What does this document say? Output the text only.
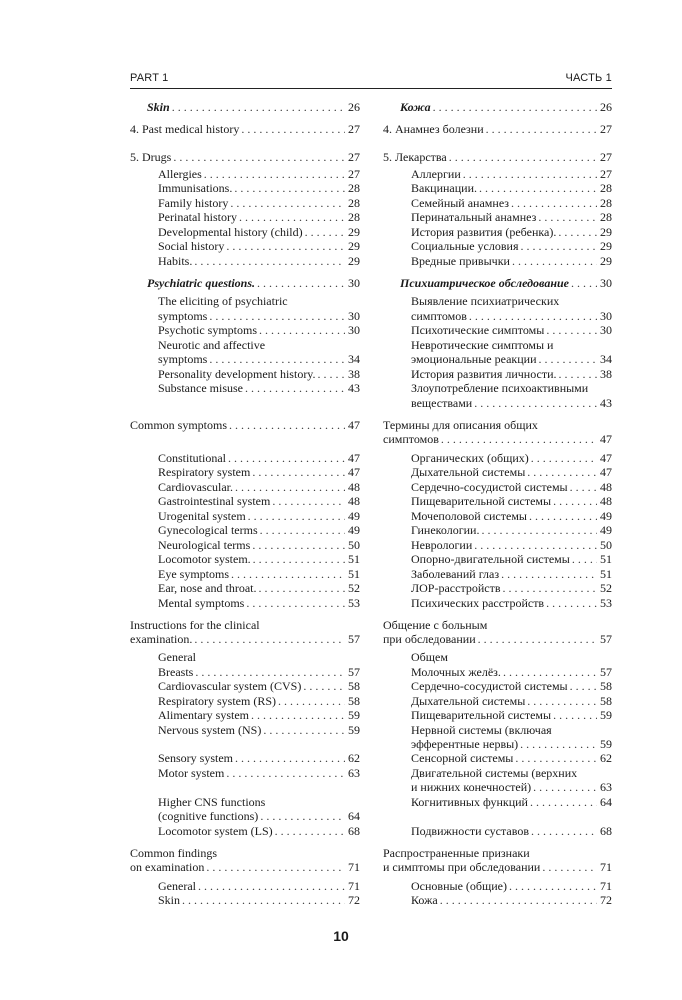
PART 1	ЧАСТЬ 1
Skin . . .	26
4. Past medical history . . .	27
5. Drugs . . .	27
Allergies . . .	27
Immunisations. . . .	28
Family history . . .	28
Perinatal history . . .	28
Developmental history (child) . . .	29
Social history . . .	29
Habits. . . .	29
Psychiatric questions. . . .	30
The eliciting of psychiatric
symptoms . . .	30
Psychotic symptoms . . .	30
Neurotic and affective
symptoms . . .	34
Personality development history. . . .	38
Substance misuse . . .	43
Common symptoms . . .	47
Constitutional . . .	47
Respiratory system . . .	47
Cardiovascular. . . .	48
Gastrointestinal system . . .	48
Urogenital system . . .	49
Gynecological terms . . .	49
Neurological terms . . .	50
Locomotor system. . . .	51
Eye symptoms . . .	51
Ear, nose and throat. . . .	52
Mental symptoms . . .	53
Instructions for the clinical
examination. . . .	57
General
Breasts . . .	57
Cardiovascular system (CVS) . . .	58
Respiratory system (RS) . . .	58
Alimentary system . . .	59
Nervous system (NS) . . .	59
Sensory system . . .	62
Motor system . . .	63
Higher CNS functions
(cognitive functions) . . .	64
Locomotor system (LS) . . .	68
Common findings
on examination . . .	71
General . . .	71
Skin . . .	72
Кожа . . .	26
4. Анамнез болезни . . .	27
5. Лекарства . . .	27
Аллергии . . .	27
Вакцинации. . . .	28
Семейный анамнез . . .	28
Перинатальный анамнез . . .	28
История развития (ребенка). . . .	29
Социальные условия . . .	29
Вредные привычки . . .	29
Психиатрическое обследование . . .	30
Выявление психиатрических
симптомов . . .	30
Психотические симптомы . . .	30
Невротические симптомы и
эмоциональные реакции . . .	34
История развития личности. . . .	38
Злоупотребление психоактивными
веществами . . .	43
Термины для описания общих
симптомов . . .	47
Органических (общих) . . .	47
Дыхательной системы . . .	47
Сердечно-сосудистой системы . . .	48
Пищеварительной системы . . .	48
Мочеполовой системы . . .	49
Гинекологии. . . .	49
Неврологии . . .	50
Опорно-двигательной системы . . .	51
Заболеваний глаз . . .	51
ЛОР-расстройств . . .	52
Психических расстройств . . .	53
Общение с больным
при обследовании . . .	57
Общем
Молочных желёз. . . .	57
Сердечно-сосудистой системы . . .	58
Дыхательной системы . . .	58
Пищеварительной системы . . .	59
Нервной системы (включая
эфферентные нервы) . . .	59
Сенсорной системы . . .	62
Двигательной системы (верхних
и нижних конечностей) . . .	63
Когнитивных функций . . .	64
Подвижности суставов . . .	68
Распространенные признаки
и симптомы при обследовании . . .	71
Основные (общие) . . .	71
Кожа . . .	72
10
